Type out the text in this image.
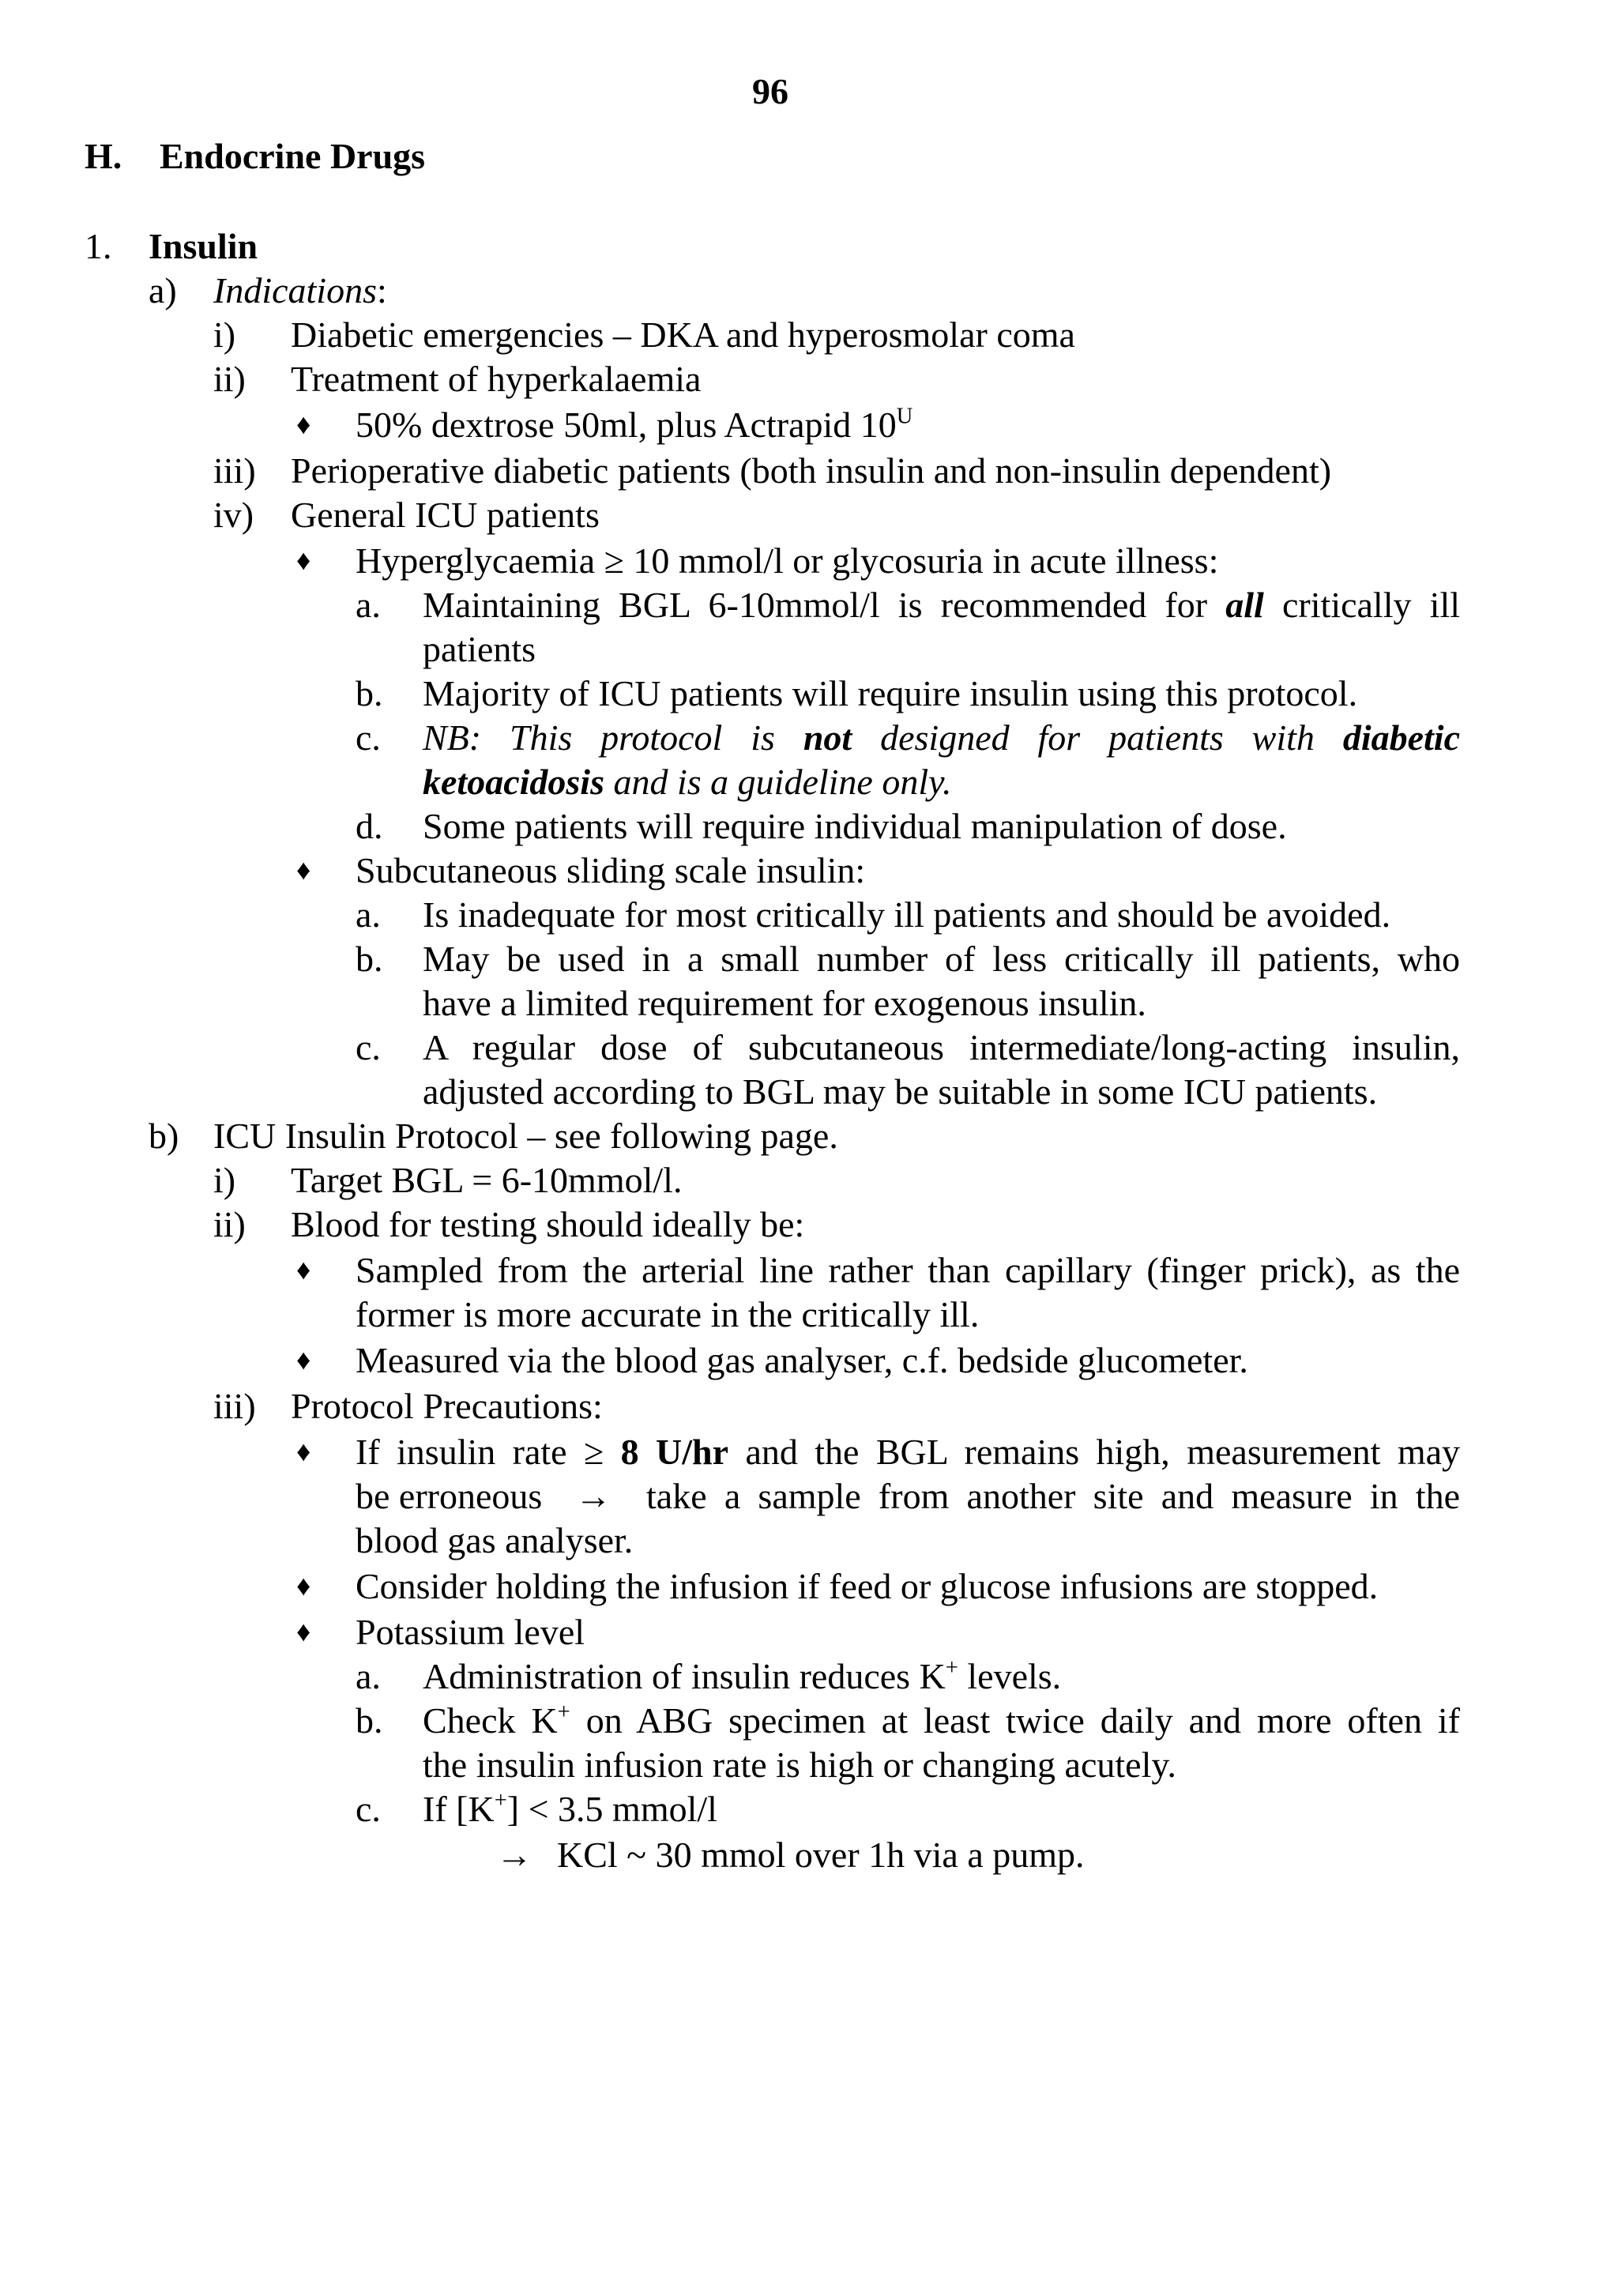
96
H. Endocrine Drugs
1. Insulin
a) Indications:
i) Diabetic emergencies – DKA and hyperosmolar coma
ii) Treatment of hyperkalaemia
♦ 50% dextrose 50ml, plus Actrapid $10^U$
iii) Perioperative diabetic patients (both insulin and non-insulin dependent)
iv) General ICU patients
♦ Hyperglycaemia ≥ 10 mmol/l or glycosuria in acute illness:
a. Maintaining BGL 6-10mmol/l is recommended for all critically ill
patients
b. Majority of ICU patients will require insulin using this protocol.
c. NB: This protocol is not designed for patients with diabetic
ketoacidosis and is a guideline only.
d. Some patients will require individual manipulation of dose.
♦ Subcutaneous sliding scale insulin:
a. Is inadequate for most critically ill patients and should be avoided.
b. May be used in a small number of less critically ill patients, who
have a limited requirement for exogenous insulin.
c. A regular dose of subcutaneous intermediate/long-acting insulin,
adjusted according to BGL may be suitable in some ICU patients.
b) ICU Insulin Protocol – see following page.
i) Target BGL = 6-10mmol/l.
ii) Blood for testing should ideally be:
♦ Sampled from the arterial line rather than capillary (finger prick), as the
former is more accurate in the critically ill.
♦ Measured via the blood gas analyser, c.f. bedside glucometer.
iii) Protocol Precautions:
♦ If insulin rate ≥ 8 U/hr and the BGL remains high, measurement may
be erroneous → take a sample from another site and measure in the
blood gas analyser.
♦ Consider holding the infusion if feed or glucose infusions are stopped.
♦ Potassium level
a. Administration of insulin reduces K+ levels.
b. Check K+ on ABG specimen at least twice daily and more often if
the insulin infusion rate is high or changing acutely.
c. If [K+] < 3.5 mmol/l
→ KCl ~ 30 mmol over 1h via a pump.
